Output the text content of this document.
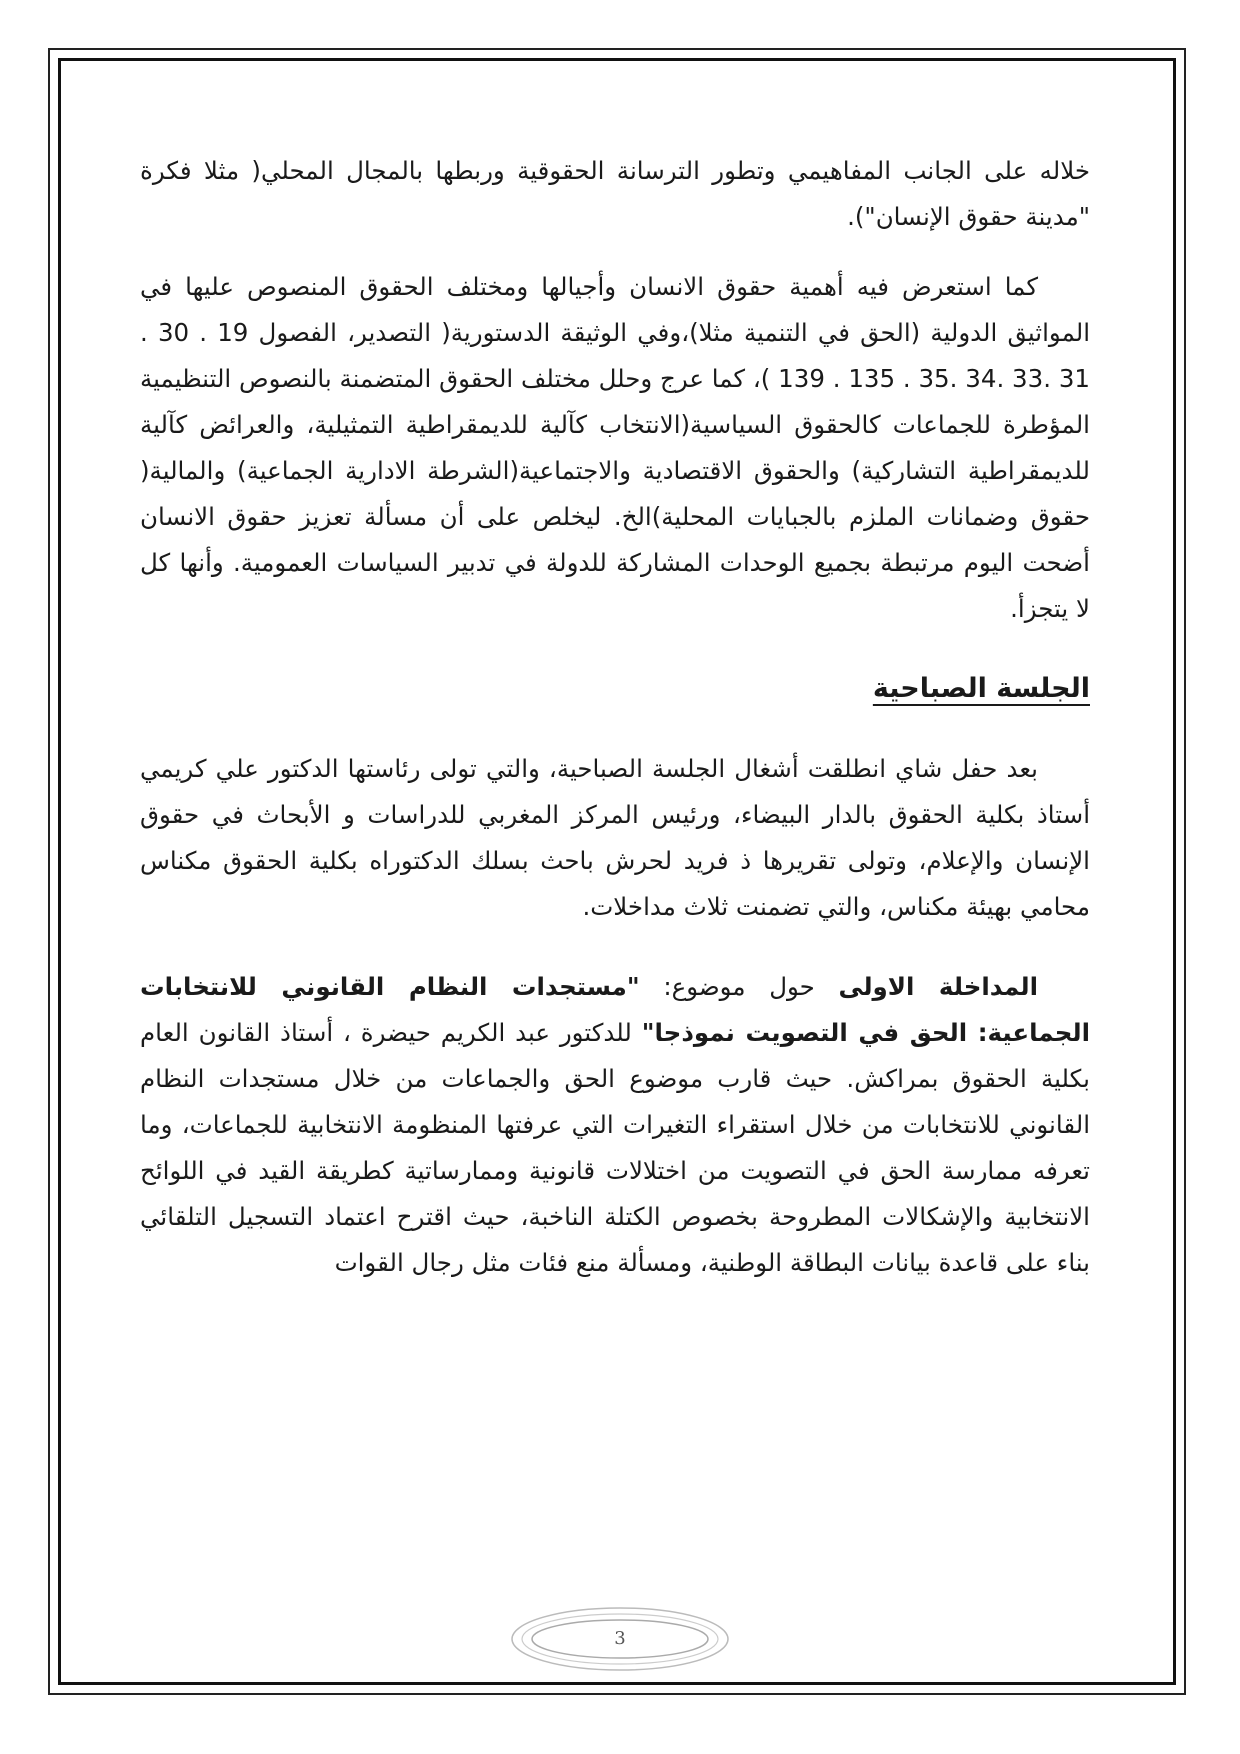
خلاله على الجانب المفاهيمي وتطور الترسانة الحقوقية وربطها بالمجال المحلي( مثلا فكرة "مدينة حقوق الإنسان").

كما استعرض فيه أهمية حقوق الانسان وأجيالها ومختلف الحقوق المنصوص عليها في المواثيق الدولية (الحق في التنمية مثلا)،وفي الوثيقة الدستورية( التصدير، الفصول 19 . 30 . 31 .33 .34 .35 . 135 . 139 )، كما عرج وحلل مختلف الحقوق المتضمنة بالنصوص التنظيمية المؤطرة للجماعات كالحقوق السياسية(الانتخاب كآلية للديمقراطية التمثيلية، والعرائض كآلية للديمقراطية التشاركية) والحقوق الاقتصادية والاجتماعية(الشرطة الادارية الجماعية) والمالية( حقوق وضمانات الملزم بالجبايات المحلية)الخ. ليخلص على أن مسألة تعزيز حقوق الانسان أضحت اليوم مرتبطة بجميع الوحدات المشاركة للدولة في تدبير السياسات العمومية. وأنها كل لا يتجزأ.

الجلسة الصباحية

بعد حفل شاي انطلقت أشغال الجلسة الصباحية، والتي تولى رئاستها الدكتور علي كريمي أستاذ بكلية الحقوق بالدار البيضاء، ورئيس المركز المغربي للدراسات و الأبحاث في حقوق الإنسان والإعلام، وتولى تقريرها ذ فريد لحرش باحث بسلك الدكتوراه بكلية الحقوق مكناس محامي بهيئة مكناس، والتي تضمنت ثلاث مداخلات.

المداخلة الاولى حول موضوع: "مستجدات النظام القانوني للانتخابات الجماعية: الحق في التصويت نموذجا" للدكتور عبد الكريم حيضرة ، أستاذ القانون العام بكلية الحقوق بمراكش. حيث قارب موضوع الحق والجماعات من خلال مستجدات النظام القانوني للانتخابات من خلال استقراء التغيرات التي عرفتها المنظومة الانتخابية للجماعات، وما تعرفه ممارسة الحق في التصويت من اختلالات قانونية وممارساتية كطريقة القيد في اللوائح الانتخابية والإشكالات المطروحة بخصوص الكتلة الناخبة، حيث اقترح اعتماد التسجيل التلقائي بناء على قاعدة بيانات البطاقة الوطنية، ومسألة منع فئات مثل رجال القوات

3
